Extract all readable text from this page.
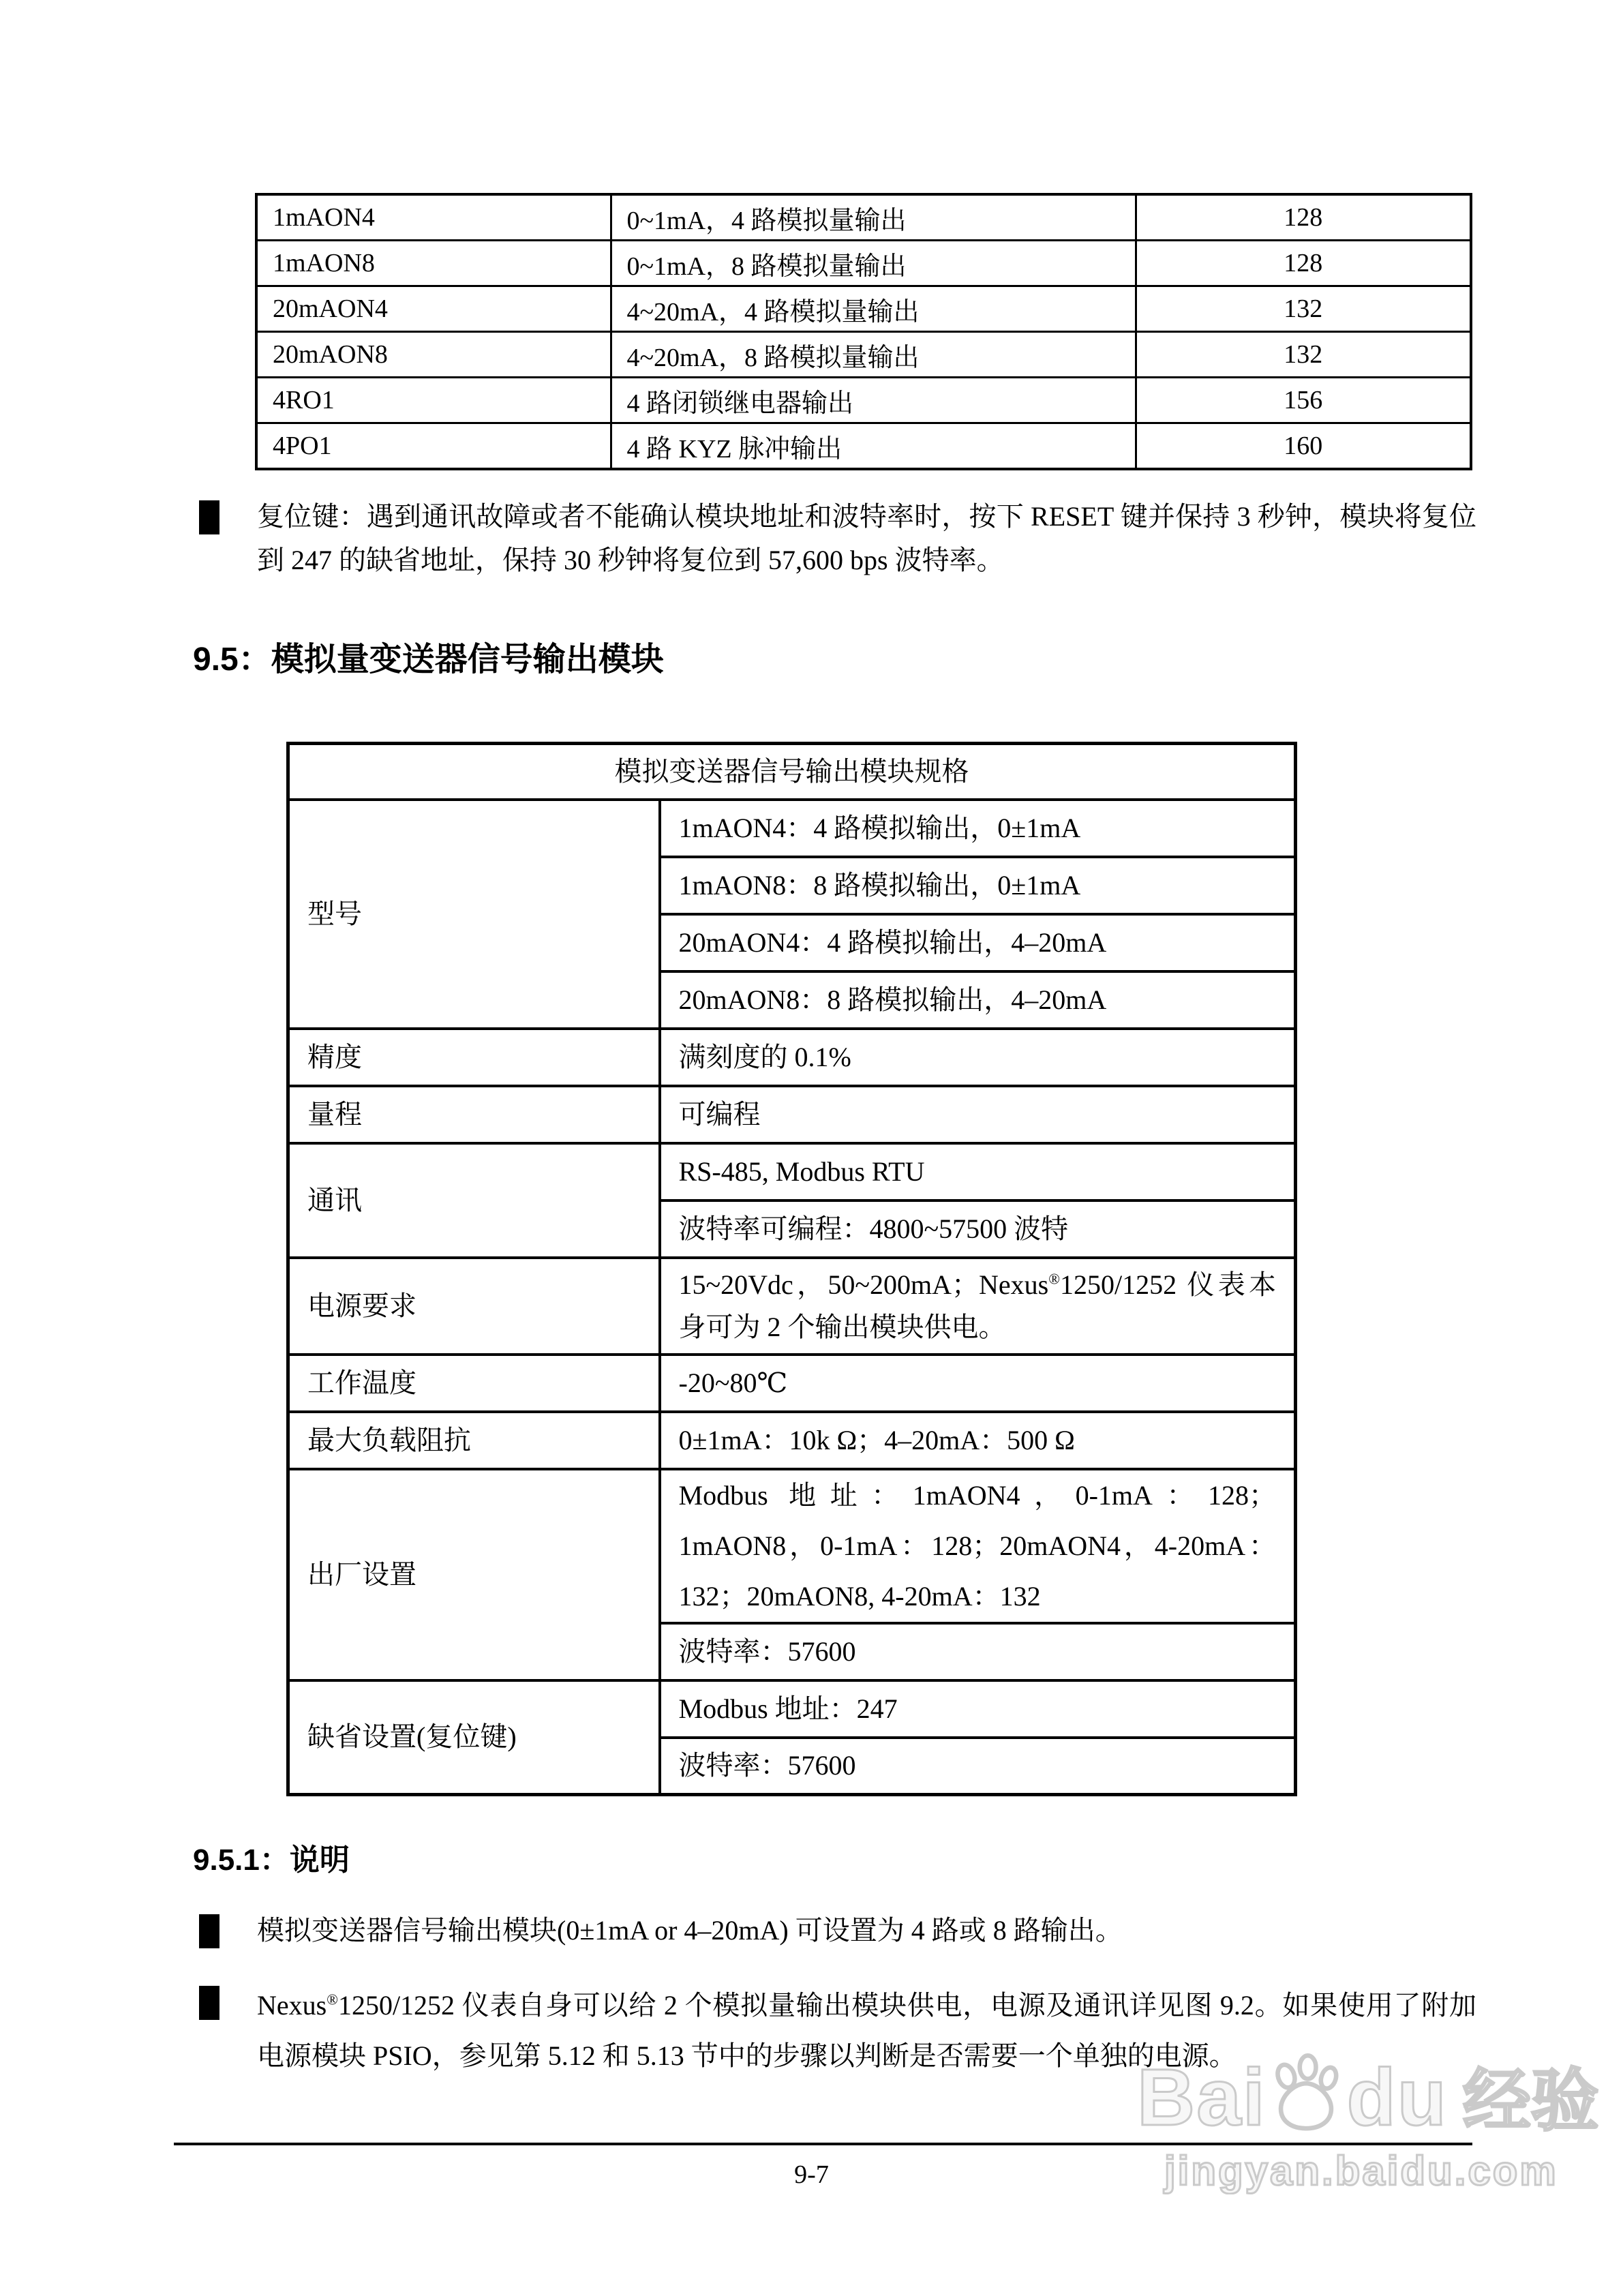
1mAON4	0~1mA，4 路模拟量输出	128
1mAON8	0~1mA，8 路模拟量输出	128
20mAON4	4~20mA，4 路模拟量输出	132
20mAON8	4~20mA，8 路模拟量输出	132
4RO1	4 路闭锁继电器输出	156
4PO1	4 路 KYZ 脉冲输出	160
复位键：遇到通讯故障或者不能确认模块地址和波特率时，按下 RESET 键并保持 3 秒钟，模块将复位到 247 的缺省地址，保持 30 秒钟将复位到 57,600 bps 波特率。
9.5：模拟量变送器信号输出模块
模拟变送器信号输出模块规格	
型号	1mAON4：4 路模拟输出，0±1mA
	1mAON8：8 路模拟输出，0±1mA
	20mAON4：4 路模拟输出，4–20mA
	20mAON8：8 路模拟输出，4–20mA
精度	满刻度的 0.1%
量程	可编程
通讯	RS-485, Modbus RTU
	波特率可编程：4800~57500 波特
电源要求	15~20Vdc，50~200mA；Nexus®1250/1252 仪表本身可为 2 个输出模块供电。
工作温度	-20~80℃
最大负载阻抗	0±1mA：10k Ω；4–20mA：500 Ω
出厂设置	Modbus 地址：1mAON4，0-1mA：128；1mAON8，0-1mA：128；20mAON4，4-20mA：132；20mAON8, 4-20mA：132
	波特率：57600
缺省设置(复位键)	Modbus 地址：247
	波特率：57600
9.5.1：说明
模拟变送器信号输出模块(0±1mA or 4–20mA) 可设置为 4 路或 8 路输出。
Nexus®1250/1252 仪表自身可以给 2 个模拟量输出模块供电，电源及通讯详见图 9.2。如果使用了附加电源模块 PSIO，参见第 5.12 和 5.13 节中的步骤以判断是否需要一个单独的电源。
9-7
Bai du 经验
jingyan.baidu.com
